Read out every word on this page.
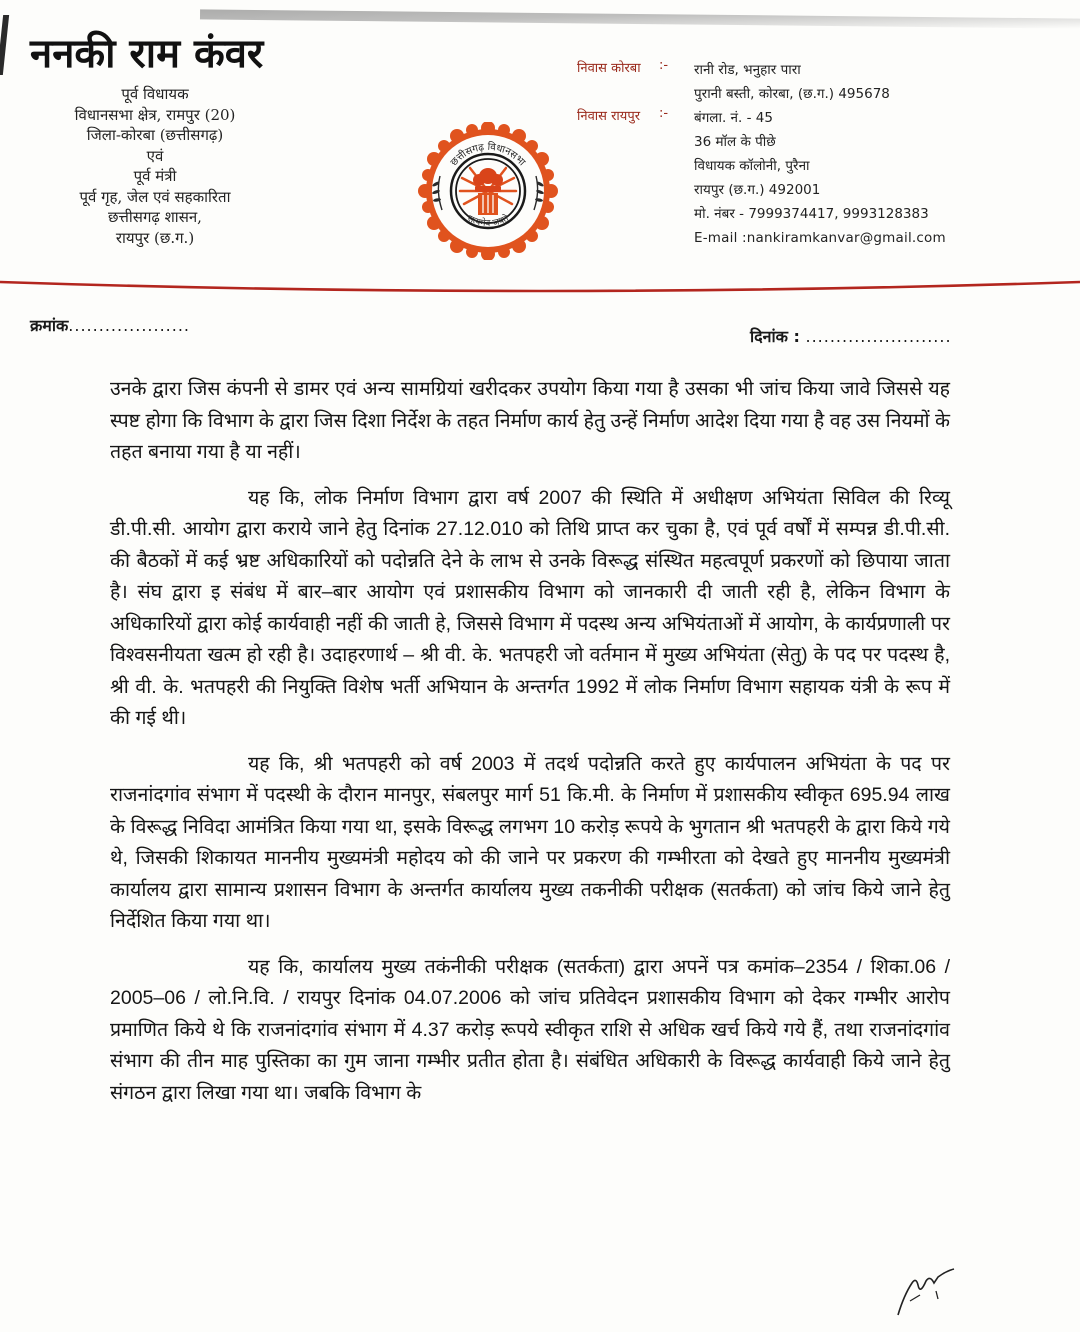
ननकी राम कंवर
पूर्व विधायक
विधानसभा क्षेत्र, रामपुर (20)
जिला-कोरबा (छत्तीसगढ़)
एवं
पूर्व मंत्री
पूर्व गृह, जेल एवं सहकारिता
छत्तीसगढ़ शासन,
रायपुर (छ.ग.)
छत्तीसगढ़ विधानसभा
सत्यमेव जयते
निवास कोरबा	:-	रानी रोड, भनुहार पारा
पुरानी बस्ती, कोरबा, (छ.ग.) 495678
निवास रायपुर	:-	बंगला. नं. - 45
36 मॉल के पीछे
विधायक कॉलोनी, पुरैना
रायपुर (छ.ग.) 492001
मो. नंबर - 7999374417, 9993128383
E-mail :nankiramkanvar@gmail.com
क्रमांक....................
दिनांक : ........................

उनके द्वारा जिस कंपनी से डामर एवं अन्य सामग्रियां खरीदकर उपयोग किया गया है उसका भी जांच किया जावे जिससे यह स्पष्ट होगा कि विभाग के द्वारा जिस दिशा निर्देश के तहत निर्माण कार्य हेतु उन्हें निर्माण आदेश दिया गया है वह उस नियमों के तहत बनाया गया है या नहीं।

यह कि, लोक निर्माण विभाग द्वारा वर्ष 2007 की स्थिति में अधीक्षण अभियंता सिविल की रिव्यू डी.पी.सी. आयोग द्वारा कराये जाने हेतु दिनांक 27.12.010 को तिथि प्राप्त कर चुका है, एवं पूर्व वर्षों में सम्पन्न डी.पी.सी. की बैठकों में कई भ्रष्ट अधिकारियों को पदोन्नति देने के लाभ से उनके विरूद्ध संस्थित महत्वपूर्ण प्रकरणों को छिपाया जाता है। संघ द्वारा इ संबंध में बार–बार आयोग एवं प्रशासकीय विभाग को जानकारी दी जाती रही है, लेकिन विभाग के अधिकारियों द्वारा कोई कार्यवाही नहीं की जाती हे, जिससे विभाग में पदस्थ अन्य अभियंताओं में आयोग, के कार्यप्रणाली पर विश्वसनीयता खत्म हो रही है। उदाहरणार्थ – श्री वी. के. भतपहरी जो वर्तमान में मुख्य अभियंता (सेतु) के पद पर पदस्थ है, श्री वी. के. भतपहरी की नियुक्ति विशेष भर्ती अभियान के अन्तर्गत 1992 में लोक निर्माण विभाग सहायक यंत्री के रूप में की गई थी।

यह कि, श्री भतपहरी को वर्ष 2003 में तदर्थ पदोन्नति करते हुए कार्यपालन अभियंता के पद पर राजनांदगांव संभाग में पदस्थी के दौरान मानपुर, संबलपुर मार्ग 51 कि.मी. के निर्माण में प्रशासकीय स्वीकृत 695.94 लाख के विरूद्ध निविदा आमंत्रित किया गया था, इसके विरूद्ध लगभग 10 करोड़ रूपये के भुगतान श्री भतपहरी के द्वारा किये गये थे, जिसकी शिकायत माननीय मुख्यमंत्री महोदय को की जाने पर प्रकरण की गम्भीरता को देखते हुए माननीय मुख्यमंत्री कार्यालय द्वारा सामान्य प्रशासन विभाग के अन्तर्गत कार्यालय मुख्य तकनीकी परीक्षक (सतर्कता) को जांच किये जाने हेतु निर्देशित किया गया था।

यह कि, कार्यालय मुख्य तकंनीकी परीक्षक (सतर्कता) द्वारा अपनें पत्र कमांक–2354 / शिका.06 / 2005–06 / लो.नि.वि. / रायपुर दिनांक 04.07.2006 को जांच प्रतिवेदन प्रशासकीय विभाग को देकर गम्भीर आरोप प्रमाणित किये थे कि राजनांदगांव संभाग में 4.37 करोड़ रूपये स्वीकृत राशि से अधिक खर्च किये गये हैं, तथा राजनांदगांव संभाग की तीन माह पुस्तिका का गुम जाना गम्भीर प्रतीत होता है। संबंधित अधिकारी के विरूद्ध कार्यवाही किये जाने हेतु संगठन द्वारा लिखा गया था। जबकि विभाग के
